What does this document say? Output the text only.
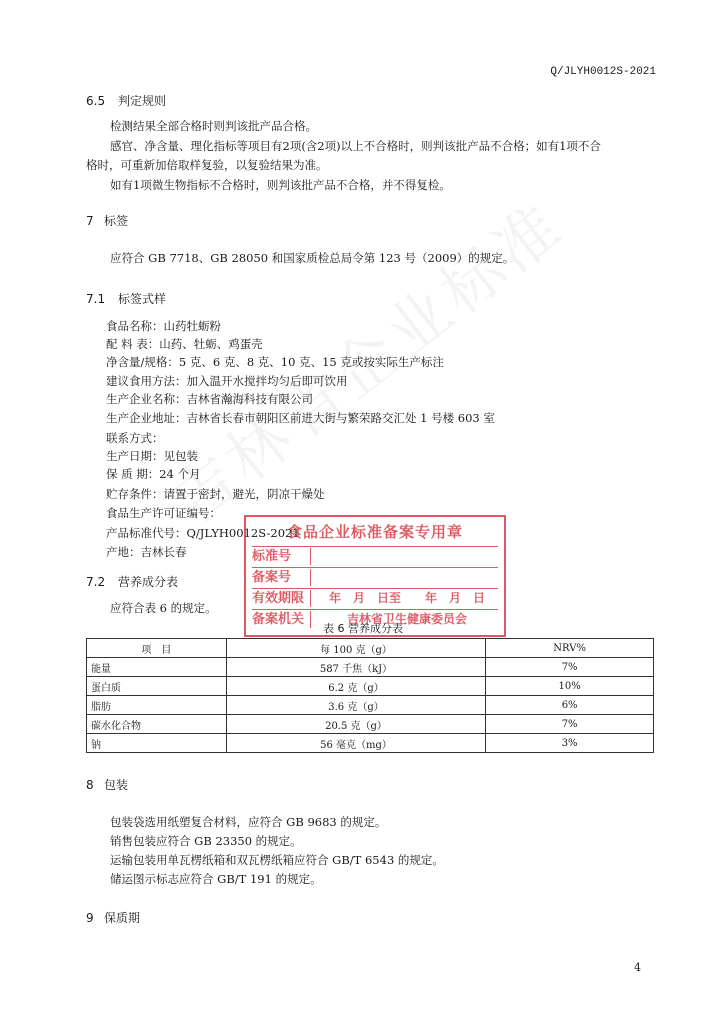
Q/JLYH0012S-2021
6.5 判定规则
检测结果全部合格时则判该批产品合格。
感官、净含量、理化指标等项目有2项(含2项)以上不合格时，则判该批产品不合格；如有1项不合
格时，可重新加倍取样复验，以复验结果为准。
如有1项微生物指标不合格时，则判该批产品不合格，并不得复检。
7 标签
应符合 GB 7718、GB 28050 和国家质检总局令第 123 号（2009）的规定。
7.1 标签式样
食品名称：山药牡蛎粉
配 料 表：山药、牡蛎、鸡蛋壳
净含量/规格：5 克、6 克、8 克、10 克、15 克或按实际生产标注
建议食用方法：加入温开水搅拌均匀后即可饮用
生产企业名称：吉林省瀚海科技有限公司
生产企业地址：吉林省长春市朝阳区前进大街与繁荣路交汇处 1 号楼 603 室
联系方式：
生产日期：见包装
保 质 期：24 个月
贮存条件：请置于密封，避光，阴凉干燥处
食品生产许可证编号：
产品标准代号：Q/JLYH0012S-2021
产地：吉林长春
7.2 营养成分表
应符合表 6 的规定。
表 6 营养成分表
项　目	每 100 克（g）	NRV%
能量	587 千焦（kJ）	7%
蛋白质	6.2 克（g）	10%
脂肪	3.6 克（g）	6%
碳水化合物	20.5 克（g）	7%
钠	56 毫克（mg）	3%
食品企业标准备案专用章
标准号
备案号
有效期限	年　月　日至　　年　月　日
备案机关	吉林省卫生健康委员会
8 包装
包装袋选用纸塑复合材料，应符合 GB 9683 的规定。
销售包装应符合 GB 23350 的规定。
运输包装用单瓦楞纸箱和双瓦楞纸箱应符合 GB/T 6543 的规定。
储运图示标志应符合 GB/T 191 的规定。
9 保质期
4
